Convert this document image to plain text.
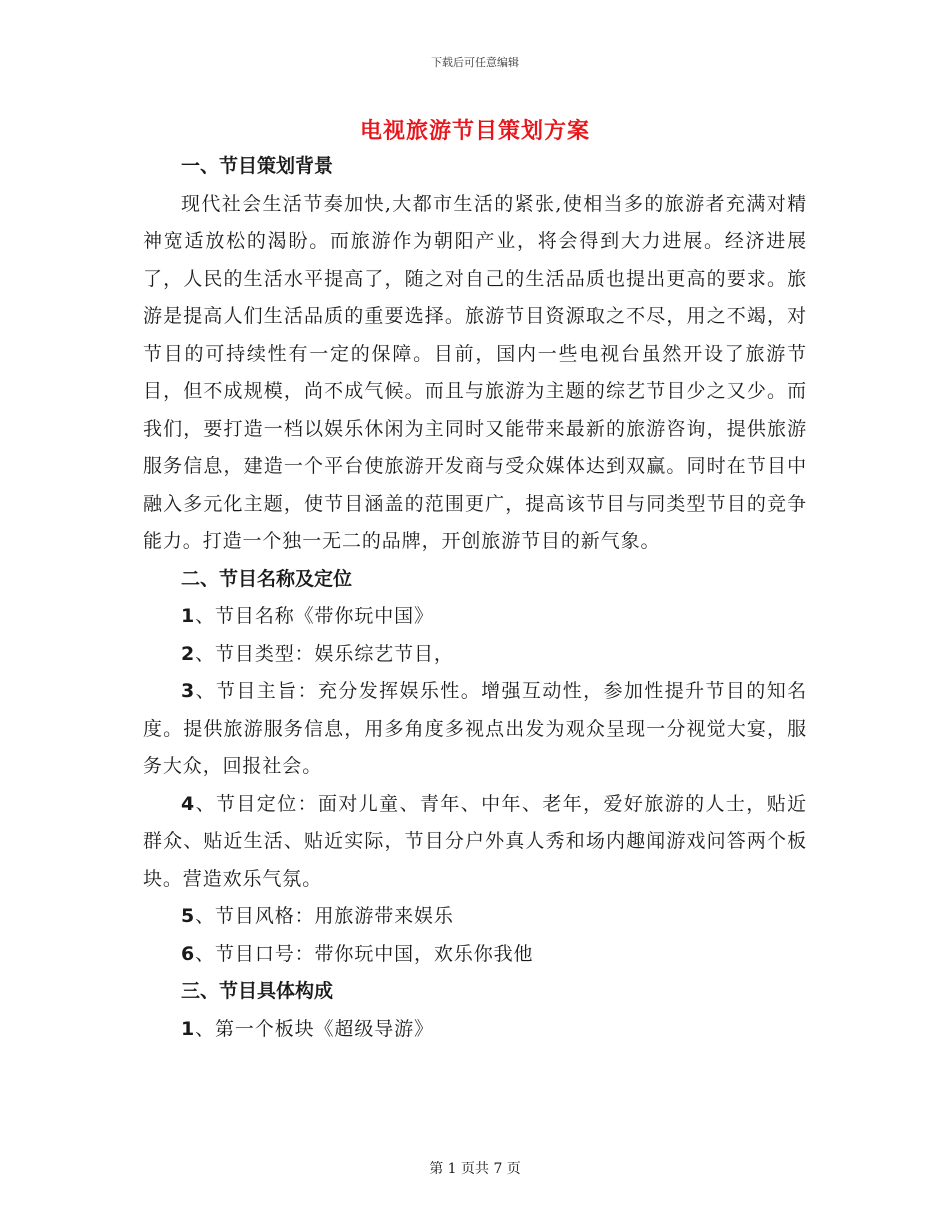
下载后可任意编辑
电视旅游节目策划方案

一、节目策划背景

现代社会生活节奏加快,大都市生活的紧张,使相当多的旅游者充满对精神宽适放松的渴盼。而旅游作为朝阳产业，将会得到大力进展。经济进展了，人民的生活水平提高了，随之对自己的生活品质也提出更高的要求。旅游是提高人们生活品质的重要选择。旅游节目资源取之不尽，用之不竭，对节目的可持续性有一定的保障。目前，国内一些电视台虽然开设了旅游节目，但不成规模，尚不成气候。而且与旅游为主题的综艺节目少之又少。而我们，要打造一档以娱乐休闲为主同时又能带来最新的旅游咨询，提供旅游服务信息，建造一个平台使旅游开发商与受众媒体达到双赢。同时在节目中融入多元化主题，使节目涵盖的范围更广，提高该节目与同类型节目的竞争能力。打造一个独一无二的品牌，开创旅游节目的新气象。

二、节目名称及定位

1、节目名称《带你玩中国》

2、节目类型：娱乐综艺节目，

3、节目主旨：充分发挥娱乐性。增强互动性，参加性提升节目的知名度。提供旅游服务信息，用多角度多视点出发为观众呈现一分视觉大宴，服务大众，回报社会。

4、节目定位：面对儿童、青年、中年、老年，爱好旅游的人士，贴近群众、贴近生活、贴近实际，节目分户外真人秀和场内趣闻游戏问答两个板块。营造欢乐气氛。

5、节目风格：用旅游带来娱乐

6、节目口号：带你玩中国，欢乐你我他

三、节目具体构成

1、第一个板块《超级导游》

第 1 页共 7 页
